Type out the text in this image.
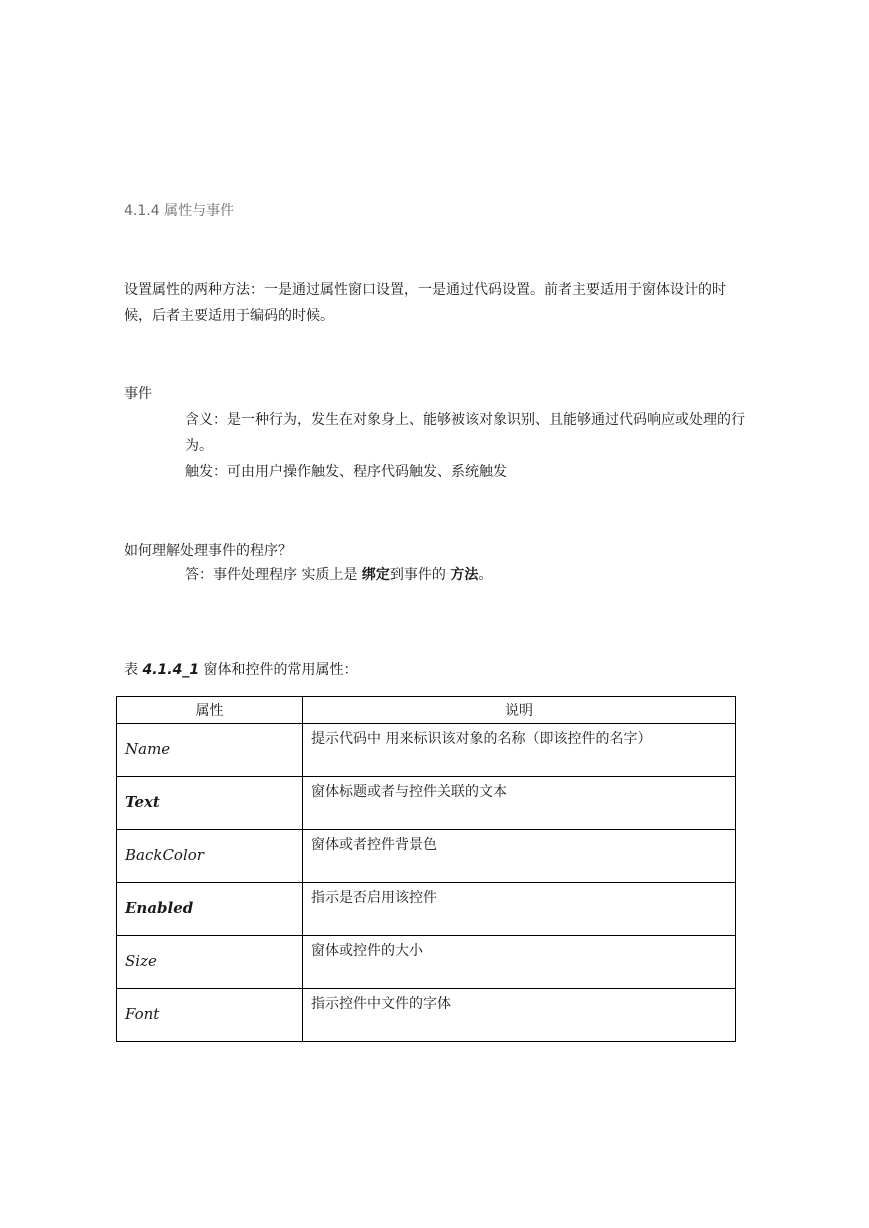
4.1.4 属性与事件
设置属性的两种方法：一是通过属性窗口设置，一是通过代码设置。前者主要适用于窗体设计的时候，后者主要适用于编码的时候。
事件
含义：是一种行为，发生在对象身上、能够被该对象识别、且能够通过代码响应或处理的行为。
触发：可由用户操作触发、程序代码触发、系统触发
如何理解处理事件的程序？
答：事件处理程序 实质上是 绑定到事件的 方法。
表 4.1.4_1 窗体和控件的常用属性：
属性	说明

Name	提示代码中 用来标识该对象的名称（即该控件的名字）

Text	窗体标题或者与控件关联的文本

BackColor	窗体或者控件背景色

Enabled	指示是否启用该控件

Size	窗体或控件的大小

Font	指示控件中文件的字体
